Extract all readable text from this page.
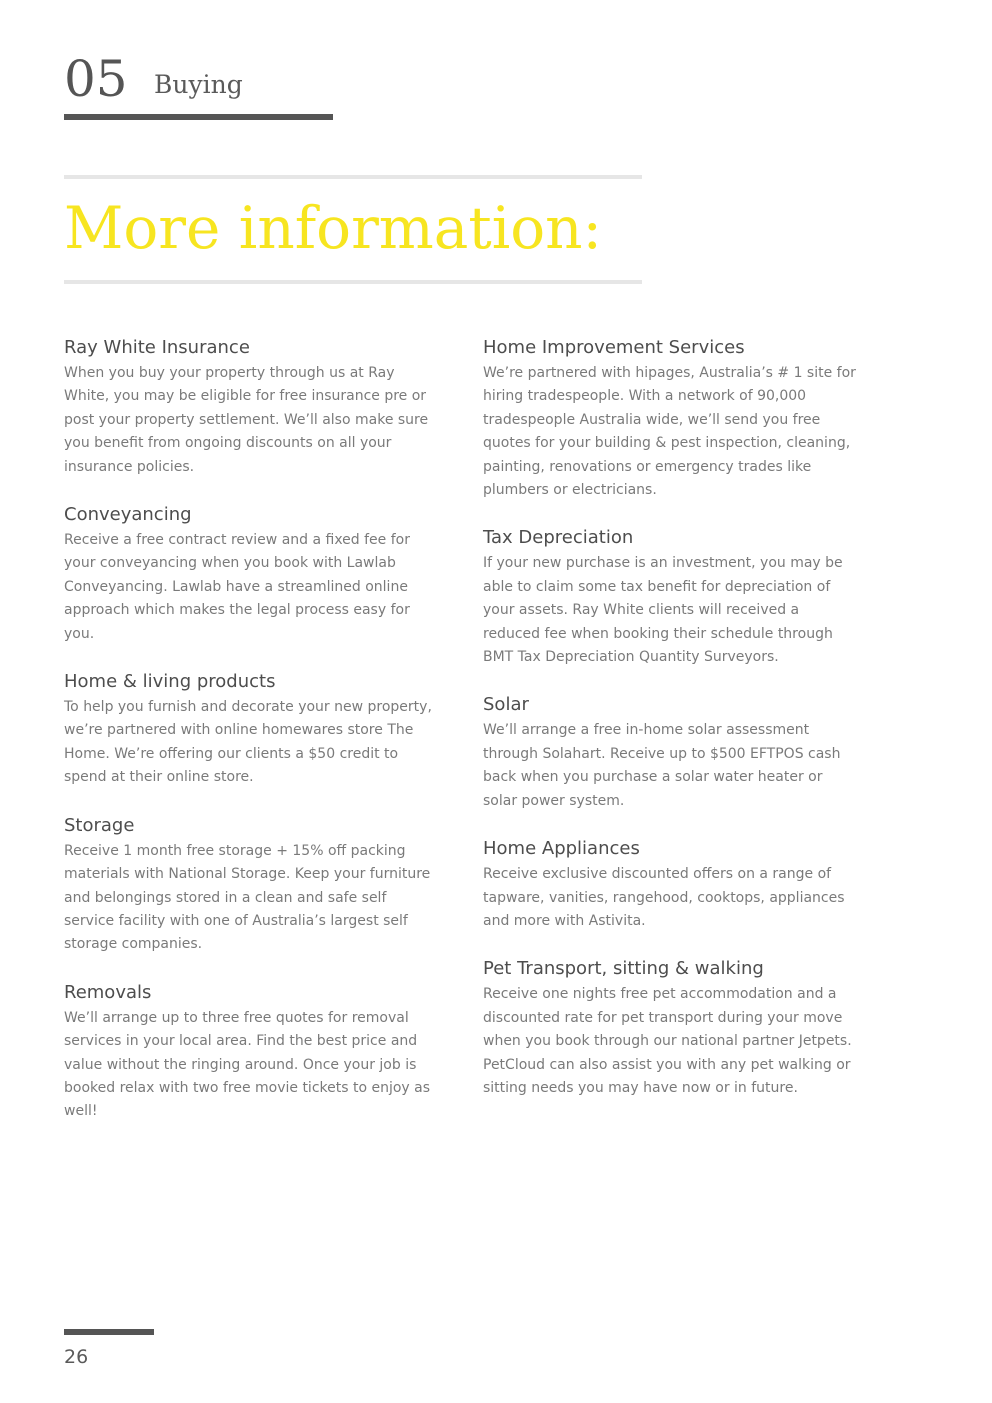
05 Buying
More information:
Ray White Insurance

When you buy your property through us at Ray White, you may be eligible for free insurance pre or post your property settlement. We’ll also make sure you benefit from ongoing discounts on all your insurance policies.

Conveyancing

Receive a free contract review and a fixed fee for your conveyancing when you book with Lawlab Conveyancing. Lawlab have a streamlined online approach which makes the legal process easy for you.

Home & living products

To help you furnish and decorate your new property, we’re partnered with online homewares store The Home. We’re offering our clients a $50 credit to spend at their online store.

Storage

Receive 1 month free storage + 15% off packing materials with National Storage. Keep your furniture and belongings stored in a clean and safe self service facility with one of Australia’s largest self storage companies.

Removals

We’ll arrange up to three free quotes for removal services in your local area. Find the best price and value without the ringing around. Once your job is booked relax with two free movie tickets to enjoy as well!

Home Improvement Services

We’re partnered with hipages, Australia’s # 1 site for hiring tradespeople. With a network of 90,000 tradespeople Australia wide, we’ll send you free quotes for your building & pest inspection, cleaning, painting, renovations or emergency trades like plumbers or electricians.

Tax Depreciation

If your new purchase is an investment, you may be able to claim some tax benefit for depreciation of your assets. Ray White clients will received a reduced fee when booking their schedule through BMT Tax Depreciation Quantity Surveyors.

Solar

We’ll arrange a free in-home solar assessment through Solahart. Receive up to $500 EFTPOS cash back when you purchase a solar water heater or solar power system.

Home Appliances

Receive exclusive discounted offers on a range of tapware, vanities, rangehood, cooktops, appliances and more with Astivita.

Pet Transport, sitting & walking

Receive one nights free pet accommodation and a discounted rate for pet transport during your move when you book through our national partner Jetpets. PetCloud can also assist you with any pet walking or sitting needs you may have now or in future.

26
